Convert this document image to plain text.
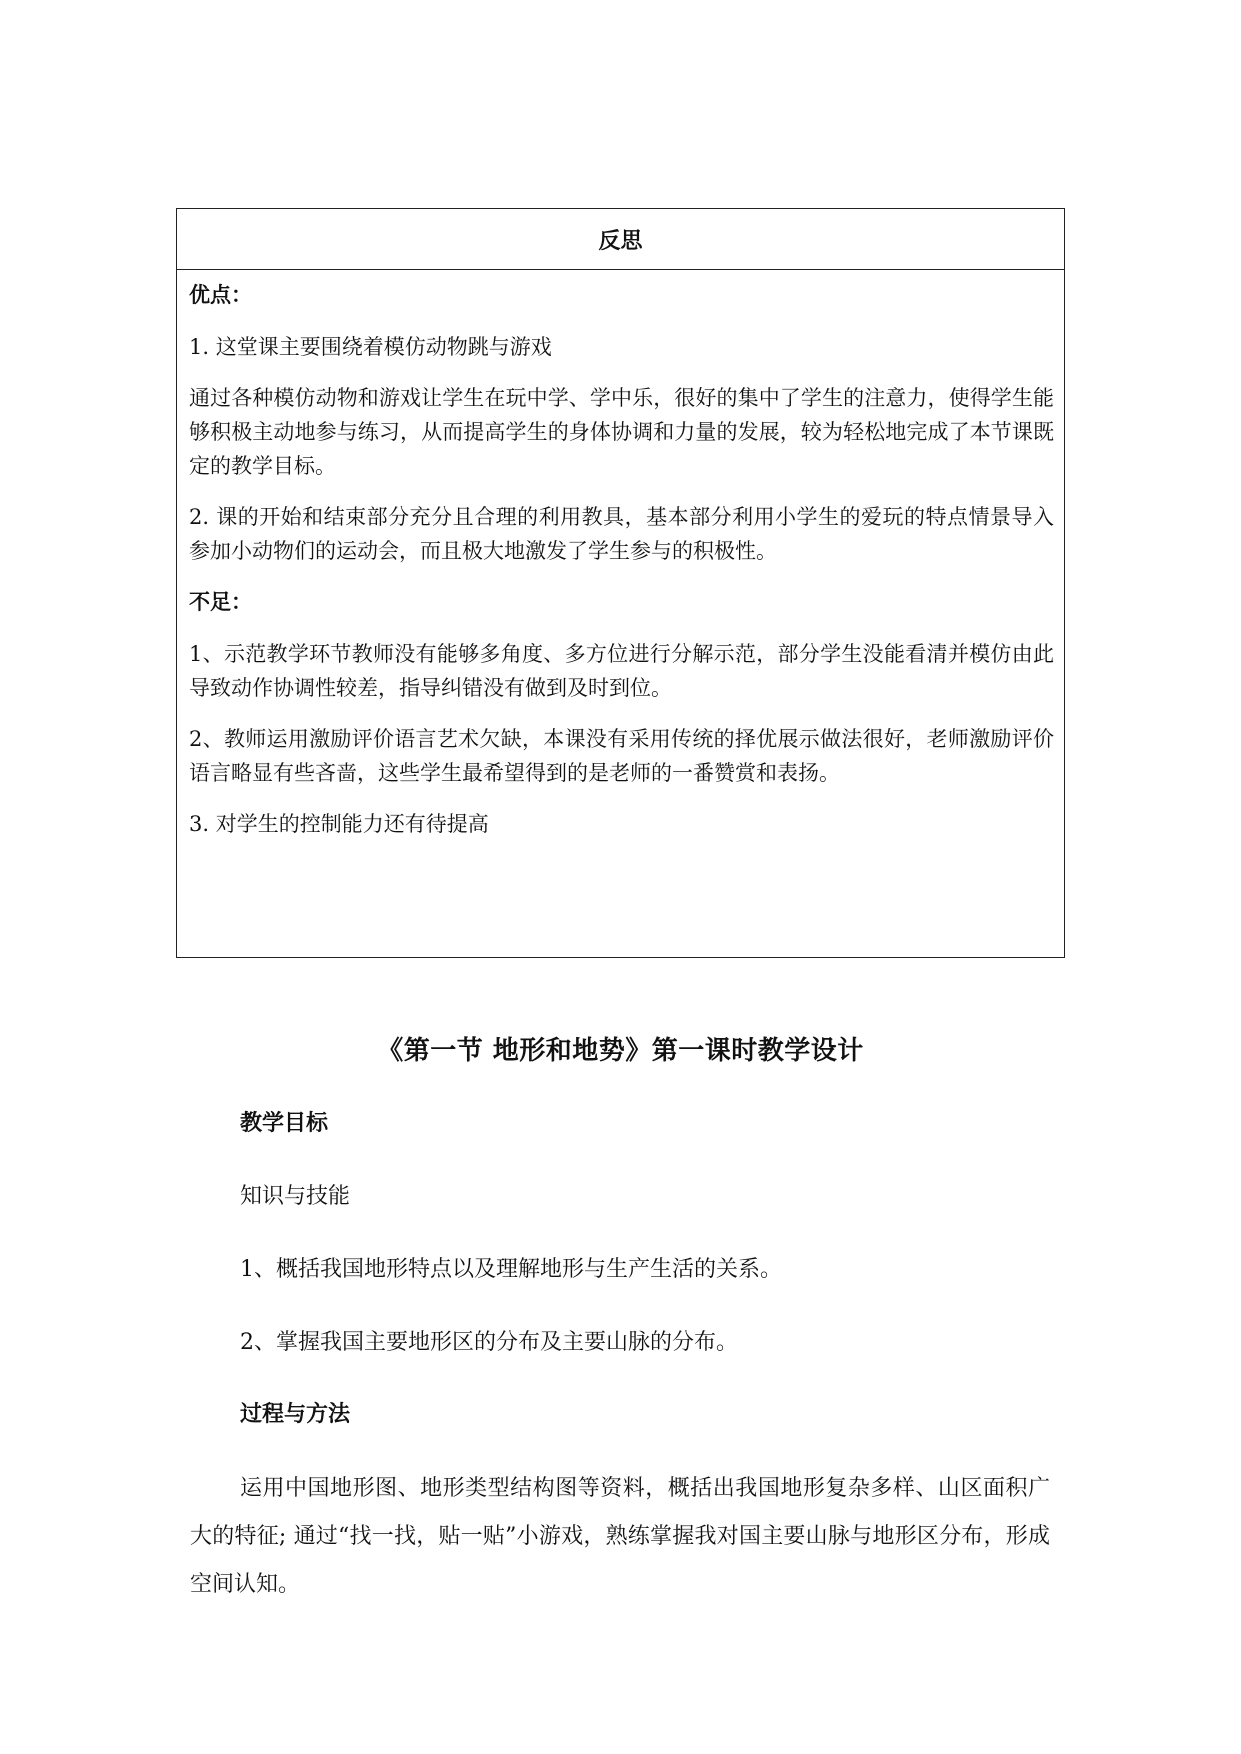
反思

优点：

1. 这堂课主要围绕着模仿动物跳与游戏

通过各种模仿动物和游戏让学生在玩中学、学中乐，很好的集中了学生的注意力，使得学生能够积极主动地参与练习，从而提高学生的身体协调和力量的发展，较为轻松地完成了本节课既定的教学目标。

2. 课的开始和结束部分充分且合理的利用教具，基本部分利用小学生的爱玩的特点情景导入参加小动物们的运动会，而且极大地激发了学生参与的积极性。

不足：

1、示范教学环节教师没有能够多角度、多方位进行分解示范，部分学生没能看清并模仿由此导致动作协调性较差，指导纠错没有做到及时到位。

2、教师运用激励评价语言艺术欠缺，本课没有采用传统的择优展示做法很好，老师激励评价语言略显有些吝啬，这些学生最希望得到的是老师的一番赞赏和表扬。

3. 对学生的控制能力还有待提高

《第一节 地形和地势》第一课时教学设计
教学目标
知识与技能
1、概括我国地形特点以及理解地形与生产生活的关系。
2、掌握我国主要地形区的分布及主要山脉的分布。
过程与方法
运用中国地形图、地形类型结构图等资料，概括出我国地形复杂多样、山区面积广大的特征; 通过“找一找，贴一贴”小游戏，熟练掌握我对国主要山脉与地形区分布，形成空间认知。
